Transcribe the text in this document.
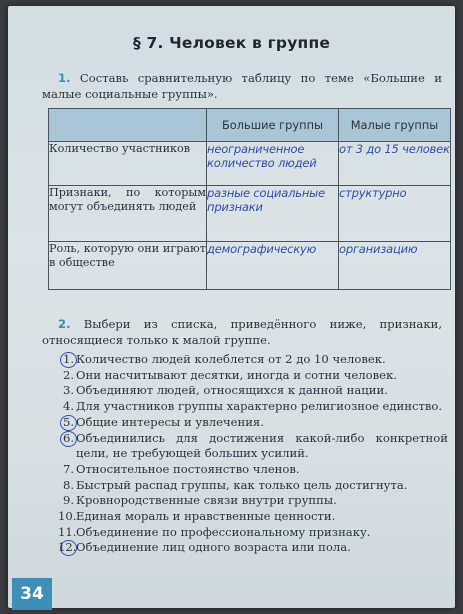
§ 7. Человек в группе
1. Составь сравнительную таблицу по теме «Большие и малые социальные группы».
	Большие группы	Малые группы
Количество участников	неограниченное количество людей	от 3 до 15 человек
Признаки, по которым могут объединять людей	разные социальные признаки	структурно
Роль, которую они играют в обществе	демографическую	организацию
2. Выбери из списка, приведённого ниже, признаки, относящиеся только к малой группе.
1. Количество людей колеблется от 2 до 10 человек.
2. Они насчитывают десятки, иногда и сотни человек.
3. Объединяют людей, относящихся к данной нации.
4. Для участников группы характерно религиозное единство.
5. Общие интересы и увлечения.
6. Объединились для достижения какой-либо конкретной цели, не требующей больших усилий.
7. Относительное постоянство членов.
8. Быстрый распад группы, как только цель достигнута.
9. Кровнородственные связи внутри группы.
10. Единая мораль и нравственные ценности.
11. Объединение по профессиональному признаку.
12. Объединение лиц одного возраста или пола.
34
